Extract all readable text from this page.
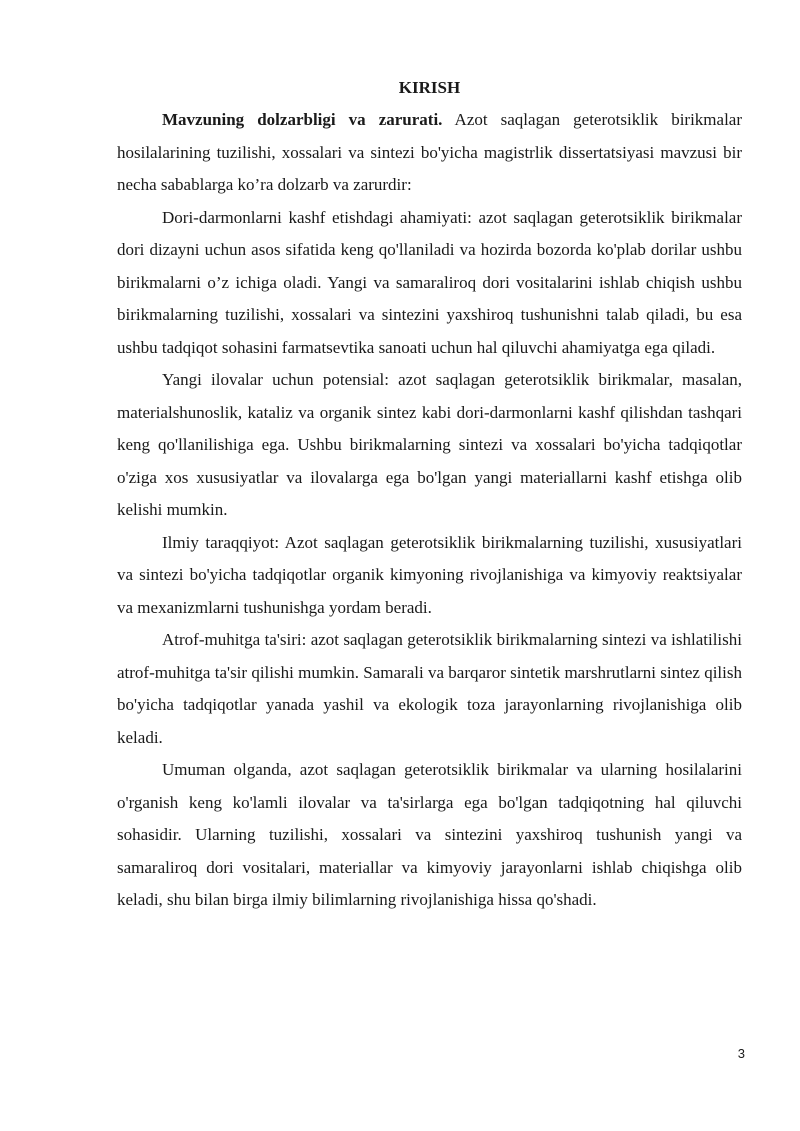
KIRISH

Mavzuning dolzarbligi va zarurati. Azot saqlagan geterotsiklik birikmalar hosilalarining tuzilishi, xossalari va sintezi bo'yicha magistrlik dissertatsiyasi mavzusi bir necha sabablarga ko’ra dolzarb va zarurdir:

Dori-darmonlarni kashf etishdagi ahamiyati: azot saqlagan geterotsiklik birikmalar dori dizayni uchun asos sifatida keng qo'llaniladi va hozirda bozorda ko'plab dorilar ushbu birikmalarni o’z ichiga oladi. Yangi va samaraliroq dori vositalarini ishlab chiqish ushbu birikmalarning tuzilishi, xossalari va sintezini yaxshiroq tushunishni talab qiladi, bu esa ushbu tadqiqot sohasini farmatsevtika sanoati uchun hal qiluvchi ahamiyatga ega qiladi.

Yangi ilovalar uchun potensial: azot saqlagan geterotsiklik birikmalar, masalan, materialshunoslik, kataliz va organik sintez kabi dori-darmonlarni kashf qilishdan tashqari keng qo'llanilishiga ega. Ushbu birikmalarning sintezi va xossalari bo'yicha tadqiqotlar o'ziga xos xususiyatlar va ilovalarga ega bo'lgan yangi materiallarni kashf etishga olib kelishi mumkin.

Ilmiy taraqqiyot: Azot saqlagan geterotsiklik birikmalarning tuzilishi, xususiyatlari va sintezi bo'yicha tadqiqotlar organik kimyoning rivojlanishiga va kimyoviy reaktsiyalar va mexanizmlarni tushunishga yordam beradi.

Atrof-muhitga ta'siri: azot saqlagan geterotsiklik birikmalarning sintezi va ishlatilishi atrof-muhitga ta'sir qilishi mumkin. Samarali va barqaror sintetik marshrutlarni sintez qilish bo'yicha tadqiqotlar yanada yashil va ekologik toza jarayonlarning rivojlanishiga olib keladi.

Umuman olganda, azot saqlagan geterotsiklik birikmalar va ularning hosilalarini o'rganish keng ko'lamli ilovalar va ta'sirlarga ega bo'lgan tadqiqotning hal qiluvchi sohasidir. Ularning tuzilishi, xossalari va sintezini yaxshiroq tushunish yangi va samaraliroq dori vositalari, materiallar va kimyoviy jarayonlarni ishlab chiqishga olib keladi, shu bilan birga ilmiy bilimlarning rivojlanishiga hissa qo'shadi.

3
